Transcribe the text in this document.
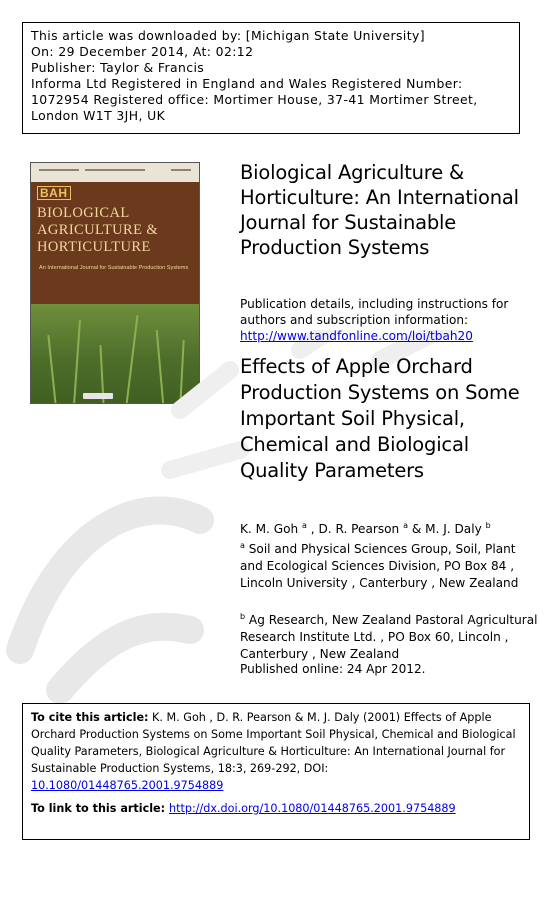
This article was downloaded by: [Michigan State University]
On: 29 December 2014, At: 02:12
Publisher: Taylor & Francis
Informa Ltd Registered in England and Wales Registered Number:
1072954 Registered office: Mortimer House, 37-41 Mortimer Street,
London W1T 3JH, UK
BAH
BIOLOGICAL AGRICULTURE & HORTICULTURE
An International Journal for Sustainable Production Systems
Biological Agriculture & Horticulture: An International Journal for Sustainable Production Systems
Publication details, including instructions for
authors and subscription information:
http://www.tandfonline.com/loi/tbah20
Effects of Apple Orchard Production Systems on Some Important Soil Physical, Chemical and Biological Quality Parameters
K. M. Goh $^a$ , D. R. Pearson $^a$ & M. J. Daly $^b$
$^a$ Soil and Physical Sciences Group, Soil, Plant and Ecological Sciences Division, PO Box 84 , Lincoln University , Canterbury , New Zealand
$^b$ Ag Research, New Zealand Pastoral Agricultural Research Institute Ltd. , PO Box 60, Lincoln , Canterbury , New Zealand
Published online: 24 Apr 2012.
To cite this article: K. M. Goh , D. R. Pearson & M. J. Daly (2001) Effects of Apple Orchard Production Systems on Some Important Soil Physical, Chemical and Biological Quality Parameters, Biological Agriculture & Horticulture: An International Journal for Sustainable Production Systems, 18:3, 269-292, DOI: 10.1080/01448765.2001.9754889
To link to this article: http://dx.doi.org/10.1080/01448765.2001.9754889
